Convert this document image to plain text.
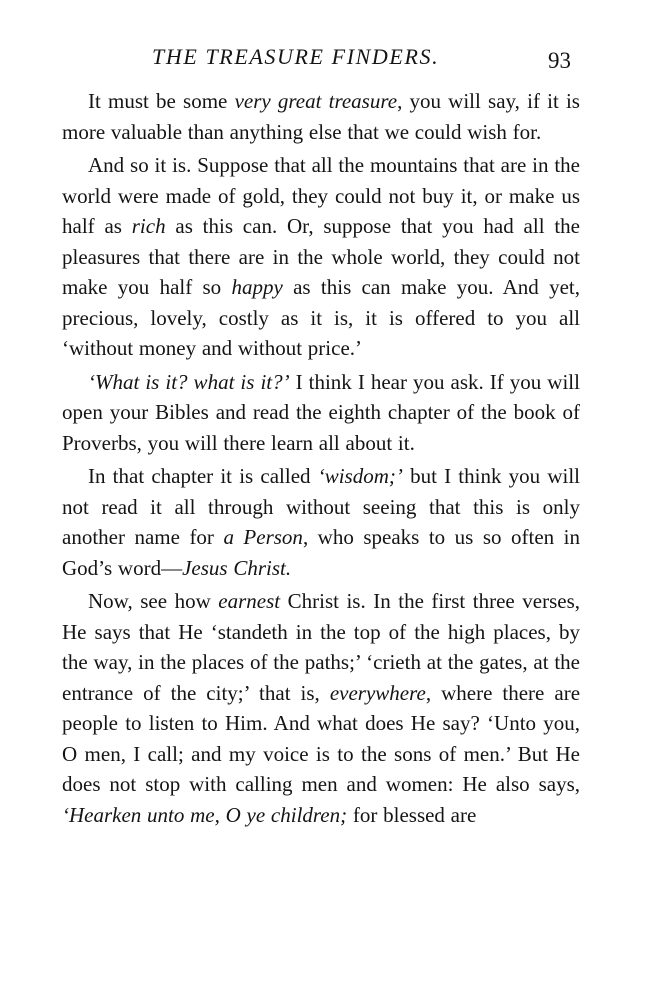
THE TREASURE FINDERS.	93

It must be some very great treasure, you will say, if it is more valuable than anything else that we could wish for.

And so it is. Suppose that all the mountains that are in the world were made of gold, they could not buy it, or make us half as rich as this can. Or, suppose that you had all the pleasures that there are in the whole world, they could not make you half so happy as this can make you. And yet, precious, lovely, costly as it is, it is offered to you all ‘without money and without price.’

‘What is it? what is it?’ I think I hear you ask. If you will open your Bibles and read the eighth chapter of the book of Proverbs, you will there learn all about it.

In that chapter it is called ‘wisdom;’ but I think you will not read it all through without seeing that this is only another name for a Person, who speaks to us so often in God’s word—Jesus Christ.

Now, see how earnest Christ is. In the first three verses, He says that He ‘standeth in the top of the high places, by the way, in the places of the paths;’ ‘crieth at the gates, at the entrance of the city;’ that is, everywhere, where there are people to listen to Him. And what does He say? ‘Unto you, O men, I call; and my voice is to the sons of men.’ But He does not stop with calling men and women: He also says, ‘Hearken unto me, O ye children; for blessed are
